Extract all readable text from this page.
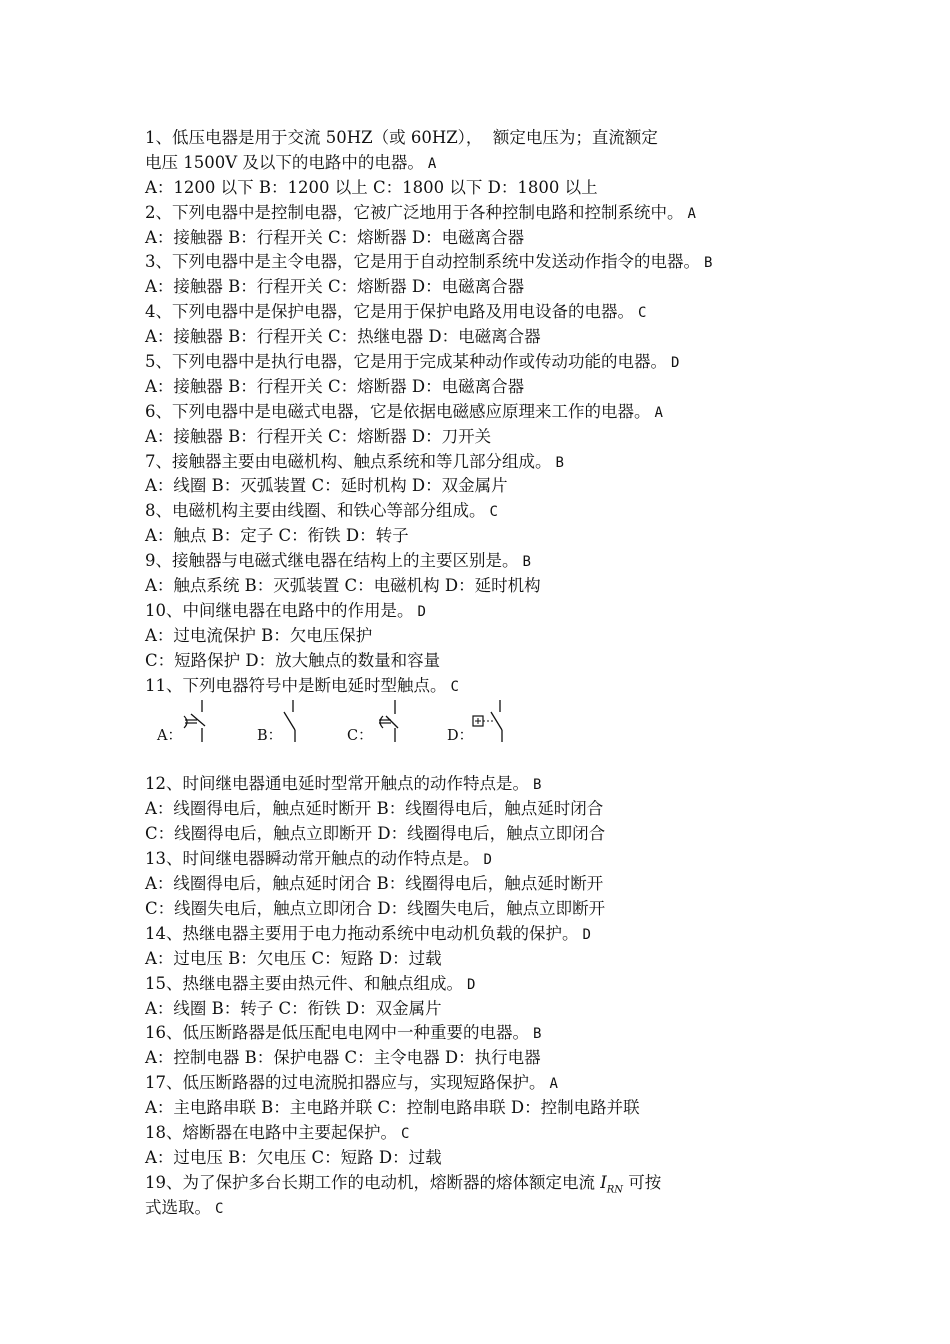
1、低压电器是用于交流 50HZ（或 60HZ），  额定电压为；直流额定
电压 1500V 及以下的电路中的电器。 A
A：1200 以下 B：1200 以上 C：1800 以下 D：1800 以上
2、下列电器中是控制电器，它被广泛地用于各种控制电路和控制系统中。 A
A：接触器 B：行程开关 C：熔断器 D：电磁离合器
3、下列电器中是主令电器，它是用于自动控制系统中发送动作指令的电器。 B
A：接触器 B：行程开关 C：熔断器 D：电磁离合器
4、下列电器中是保护电器，它是用于保护电路及用电设备的电器。 C
A：接触器 B：行程开关 C：热继电器 D：电磁离合器
5、下列电器中是执行电器，它是用于完成某种动作或传动功能的电器。 D
A：接触器 B：行程开关 C：熔断器 D：电磁离合器
6、下列电器中是电磁式电器，它是依据电磁感应原理来工作的电器。 A
A：接触器 B：行程开关 C：熔断器 D：刀开关
7、接触器主要由电磁机构、触点系统和等几部分组成。 B
A：线圈 B：灭弧装置 C：延时机构 D：双金属片
8、电磁机构主要由线圈、和铁心等部分组成。 C
A：触点 B：定子 C：衔铁 D：转子
9、接触器与电磁式继电器在结构上的主要区别是。 B
A：触点系统 B：灭弧装置 C：电磁机构 D：延时机构
10、中间继电器在电路中的作用是。 D
A：过电流保护 B：欠电压保护
C：短路保护 D：放大触点的数量和容量
11、下列电器符号中是断电延时型触点。 C
A：	B：	C：	D：
12、时间继电器通电延时型常开触点的动作特点是。 B
A：线圈得电后，触点延时断开 B：线圈得电后，触点延时闭合
C：线圈得电后，触点立即断开 D：线圈得电后，触点立即闭合
13、时间继电器瞬动常开触点的动作特点是。 D
A：线圈得电后，触点延时闭合 B：线圈得电后，触点延时断开
C：线圈失电后，触点立即闭合 D：线圈失电后，触点立即断开
14、热继电器主要用于电力拖动系统中电动机负载的保护。 D
A：过电压 B：欠电压 C：短路 D：过载
15、热继电器主要由热元件、和触点组成。 D
A：线圈 B：转子 C：衔铁 D：双金属片
16、低压断路器是低压配电电网中一种重要的电器。 B
A：控制电器 B：保护电器 C：主令电器 D：执行电器
17、低压断路器的过电流脱扣器应与，实现短路保护。 A
A：主电路串联 B：主电路并联 C：控制电路串联 D：控制电路并联
18、熔断器在电路中主要起保护。 C
A：过电压 B：欠电压 C：短路 D：过载
19、为了保护多台长期工作的电动机，熔断器的熔体额定电流 $I_{RN}$ 可按
式选取。 C
